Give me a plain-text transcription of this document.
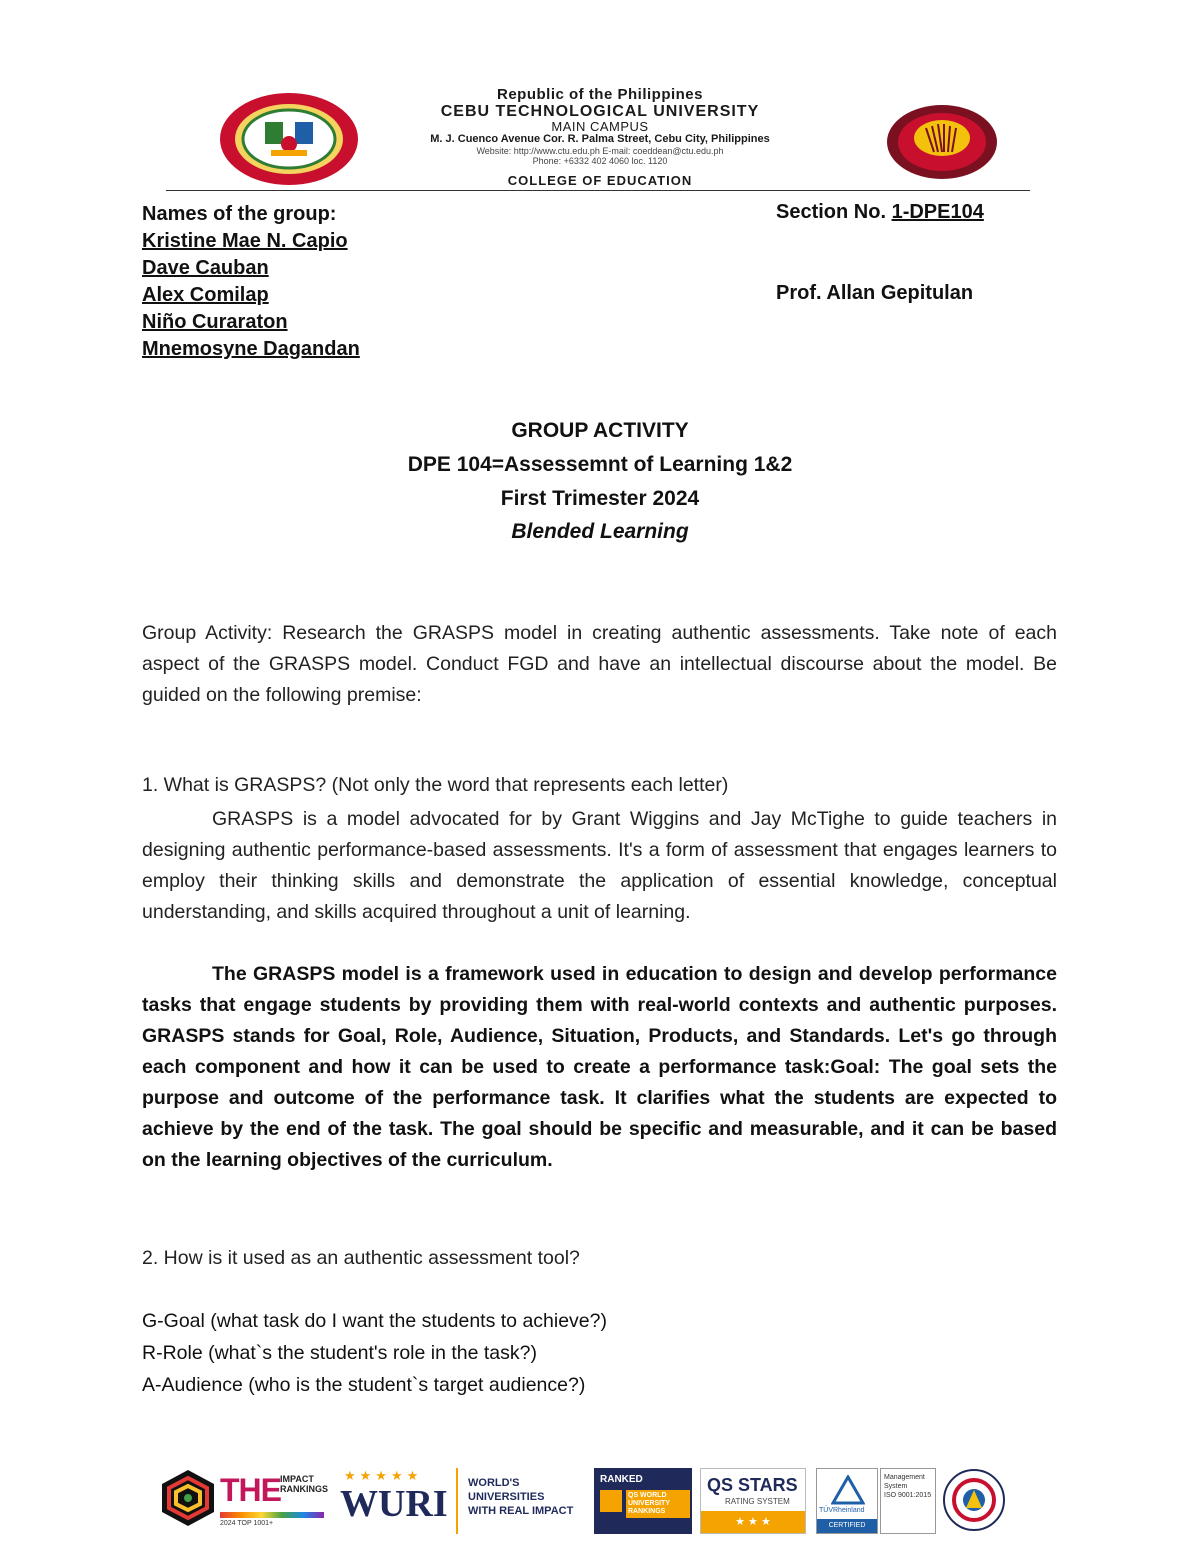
Republic of the Philippines
CEBU TECHNOLOGICAL UNIVERSITY
MAIN CAMPUS
M. J. Cuenco Avenue Cor. R. Palma Street, Cebu City, Philippines
Website: http://www.ctu.edu.ph E-mail: coeddean@ctu.edu.ph
Phone: +6332 402 4060 loc. 1120
COLLEGE OF EDUCATION
Names of the group:
Kristine Mae N. Capio
Dave Cauban
Alex Comilap
Niño Curaraton
Mnemosyne Dagandan
Section No. 1-DPE104
Prof. Allan Gepitulan
GROUP ACTIVITY
DPE 104=Assessemnt of Learning 1&2
First Trimester 2024
Blended Learning
Group Activity: Research the GRASPS model in creating authentic assessments. Take note of each aspect of the GRASPS model. Conduct FGD and have an intellectual discourse about the model. Be guided on the following premise:
1. What is GRASPS? (Not only the word that represents each letter)
GRASPS is a model advocated for by Grant Wiggins and Jay McTighe to guide teachers in designing authentic performance-based assessments. It's a form of assessment that engages learners to employ their thinking skills and demonstrate the application of essential knowledge, conceptual understanding, and skills acquired throughout a unit of learning.
The GRASPS model is a framework used in education to design and develop performance tasks that engage students by providing them with real-world contexts and authentic purposes. GRASPS stands for Goal, Role, Audience, Situation, Products, and Standards. Let's go through each component and how it can be used to create a performance task:Goal: The goal sets the purpose and outcome of the performance task. It clarifies what the students are expected to achieve by the end of the task. The goal should be specific and measurable, and it can be based on the learning objectives of the curriculum.
2. How is it used as an authentic assessment tool?
G-Goal (what task do I want the students to achieve?)
R-Role (what`s the student's role in the task?)
A-Audience (who is the student`s target audience?)
THE IMPACT RANKINGS
2024 TOP 1001+
★★★★★
WURI WORLD'S
UNIVERSITIES
WITH REAL IMPACT
RANKED
QS WORLD UNIVERSITY RANKINGS
QS STARS
RATING SYSTEM
★ ★ ★
TÜVRheinland
CERTIFIED
Management
System
ISO 9001:2015
